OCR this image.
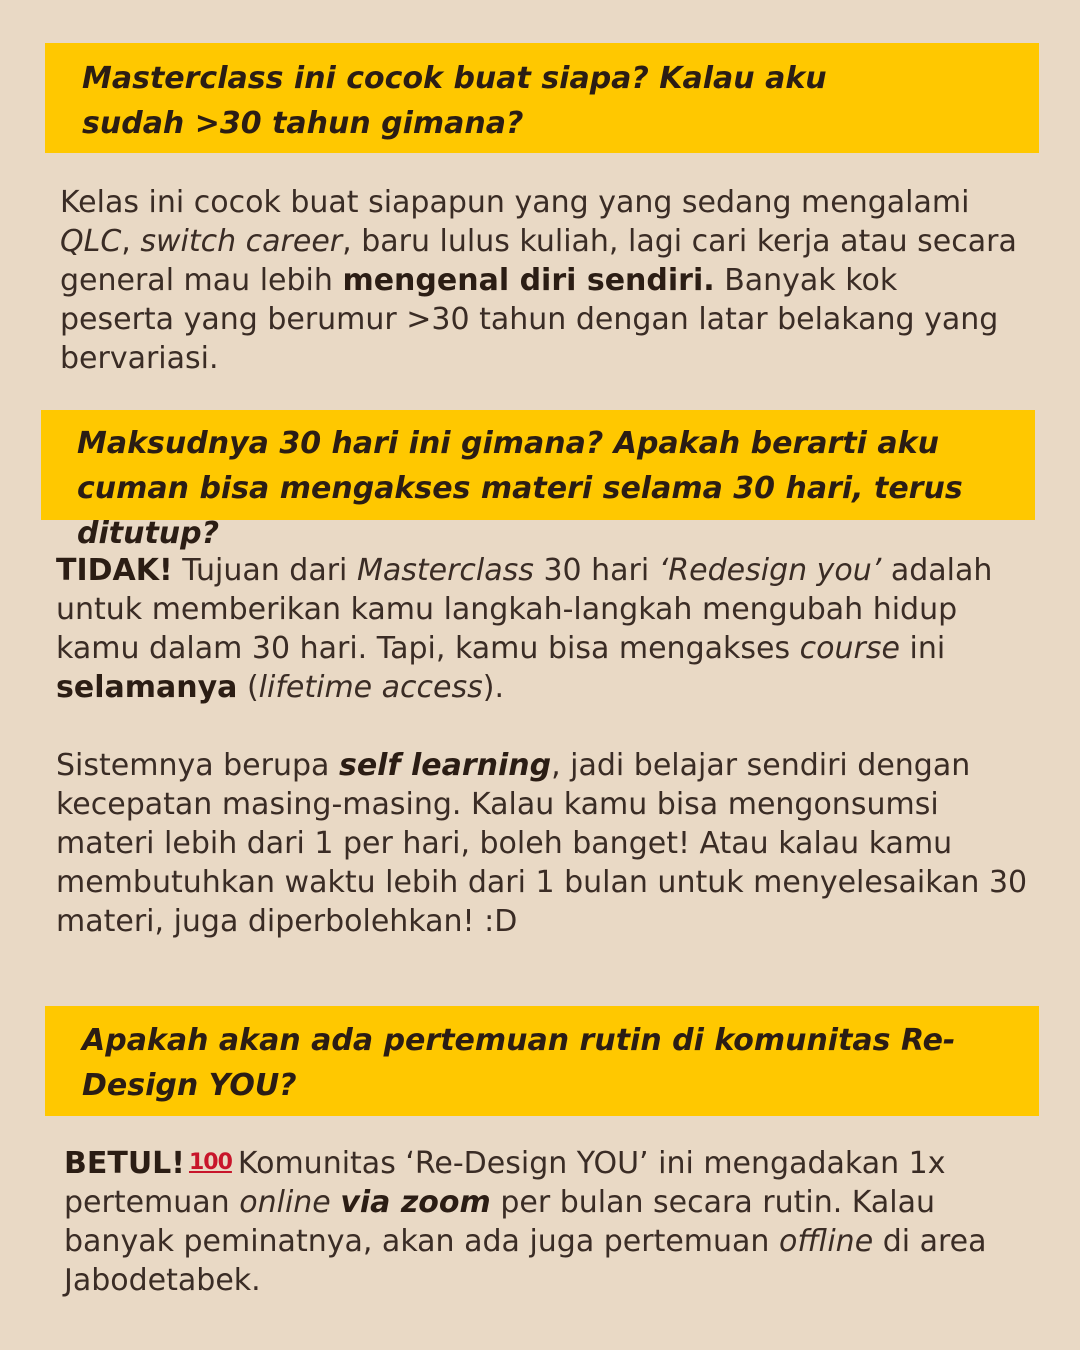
Masterclass ini cocok buat siapa? Kalau aku sudah >30 tahun gimana?

Kelas ini cocok buat siapapun yang yang sedang mengalami QLC, switch career, baru lulus kuliah, lagi cari kerja atau secara general mau lebih mengenal diri sendiri. Banyak kok peserta yang berumur >30 tahun dengan latar belakang yang bervariasi.

Maksudnya 30 hari ini gimana? Apakah berarti aku cuman bisa mengakses materi selama 30 hari, terus ditutup?

TIDAK! Tujuan dari Masterclass 30 hari ‘Redesign you’ adalah untuk memberikan kamu langkah-langkah mengubah hidup kamu dalam 30 hari. Tapi, kamu bisa mengakses course ini selamanya (lifetime access).

Sistemnya berupa self learning, jadi belajar sendiri dengan kecepatan masing-masing. Kalau kamu bisa mengonsumsi materi lebih dari 1 per hari, boleh banget! Atau kalau kamu membutuhkan waktu lebih dari 1 bulan untuk menyelesaikan 30 materi, juga diperbolehkan! :D

Apakah akan ada pertemuan rutin di komunitas Re-Design YOU?

BETUL! 100 Komunitas ‘Re-Design YOU’ ini mengadakan 1x pertemuan online via zoom per bulan secara rutin. Kalau banyak peminatnya, akan ada juga pertemuan offline di area Jabodetabek.
